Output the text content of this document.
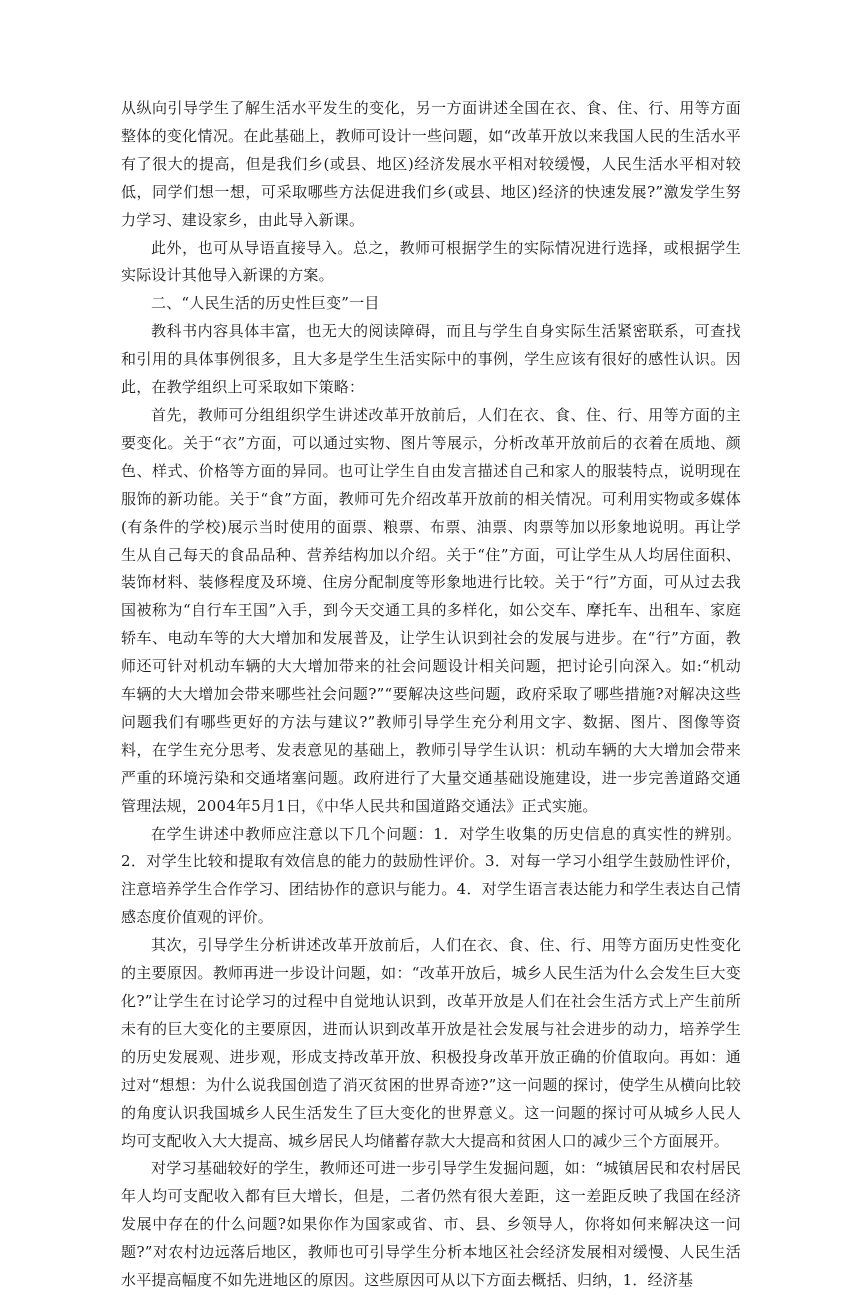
从纵向引导学生了解生活水平发生的变化，另一方面讲述全国在衣、食、住、行、用等方面整体的变化情况。在此基础上，教师可设计一些问题，如“改革开放以来我国人民的生活水平有了很大的提高，但是我们乡(或县、地区)经济发展水平相对较缓慢，人民生活水平相对较低，同学们想一想，可采取哪些方法促进我们乡(或县、地区)经济的快速发展?”激发学生努力学习、建设家乡，由此导入新课。

此外，也可从导语直接导入。总之，教师可根据学生的实际情况进行选择，或根据学生实际设计其他导入新课的方案。

二、“人民生活的历史性巨变”一目

教科书内容具体丰富，也无大的阅读障碍，而且与学生自身实际生活紧密联系，可查找和引用的具体事例很多，且大多是学生生活实际中的事例，学生应该有很好的感性认识。因此，在教学组织上可采取如下策略：

首先，教师可分组组织学生讲述改革开放前后，人们在衣、食、住、行、用等方面的主要变化。关于“衣”方面，可以通过实物、图片等展示，分析改革开放前后的衣着在质地、颜色、样式、价格等方面的异同。也可让学生自由发言描述自己和家人的服装特点，说明现在服饰的新功能。关于“食”方面，教师可先介绍改革开放前的相关情况。可利用实物或多媒体(有条件的学校)展示当时使用的面票、粮票、布票、油票、肉票等加以形象地说明。再让学生从自己每天的食品品种、营养结构加以介绍。关于“住”方面，可让学生从人均居住面积、装饰材料、装修程度及环境、住房分配制度等形象地进行比较。关于“行”方面，可从过去我国被称为“自行车王国”入手，到今天交通工具的多样化，如公交车、摩托车、出租车、家庭轿车、电动车等的大大增加和发展普及，让学生认识到社会的发展与进步。在“行”方面，教师还可针对机动车辆的大大增加带来的社会问题设计相关问题，把讨论引向深入。如:“机动车辆的大大增加会带来哪些社会问题?”“要解决这些问题，政府采取了哪些措施?对解决这些问题我们有哪些更好的方法与建议?”教师引导学生充分利用文字、数据、图片、图像等资料，在学生充分思考、发表意见的基础上，教师引导学生认识：机动车辆的大大增加会带来严重的环境污染和交通堵塞问题。政府进行了大量交通基础设施建设，进一步完善道路交通管理法规，2004年5月1日，《中华人民共和国道路交通法》正式实施。

在学生讲述中教师应注意以下几个问题：1．对学生收集的历史信息的真实性的辨别。2．对学生比较和提取有效信息的能力的鼓励性评价。3．对每一学习小组学生鼓励性评价，注意培养学生合作学习、团结协作的意识与能力。4．对学生语言表达能力和学生表达自己情感态度价值观的评价。

其次，引导学生分析讲述改革开放前后，人们在衣、食、住、行、用等方面历史性变化的主要原因。教师再进一步设计问题，如：“改革开放后，城乡人民生活为什么会发生巨大变化?”让学生在讨论学习的过程中自觉地认识到，改革开放是人们在社会生活方式上产生前所未有的巨大变化的主要原因，进而认识到改革开放是社会发展与社会进步的动力，培养学生的历史发展观、进步观，形成支持改革开放、积极投身改革开放正确的价值取向。再如：通过对“想想：为什么说我国创造了消灭贫困的世界奇迹?”这一问题的探讨，使学生从横向比较的角度认识我国城乡人民生活发生了巨大变化的世界意义。这一问题的探讨可从城乡人民人均可支配收入大大提高、城乡居民人均储蓄存款大大提高和贫困人口的减少三个方面展开。

对学习基础较好的学生，教师还可进一步引导学生发掘问题，如：“城镇居民和农村居民年人均可支配收入都有巨大增长，但是，二者仍然有很大差距，这一差距反映了我国在经济发展中存在的什么问题?如果你作为国家或省、市、县、乡领导人，你将如何来解决这一问题?”对农村边远落后地区，教师也可引导学生分析本地区社会经济发展相对缓慢、人民生活水平提高幅度不如先进地区的原因。这些原因可从以下方面去概括、归纳，1．经济基
